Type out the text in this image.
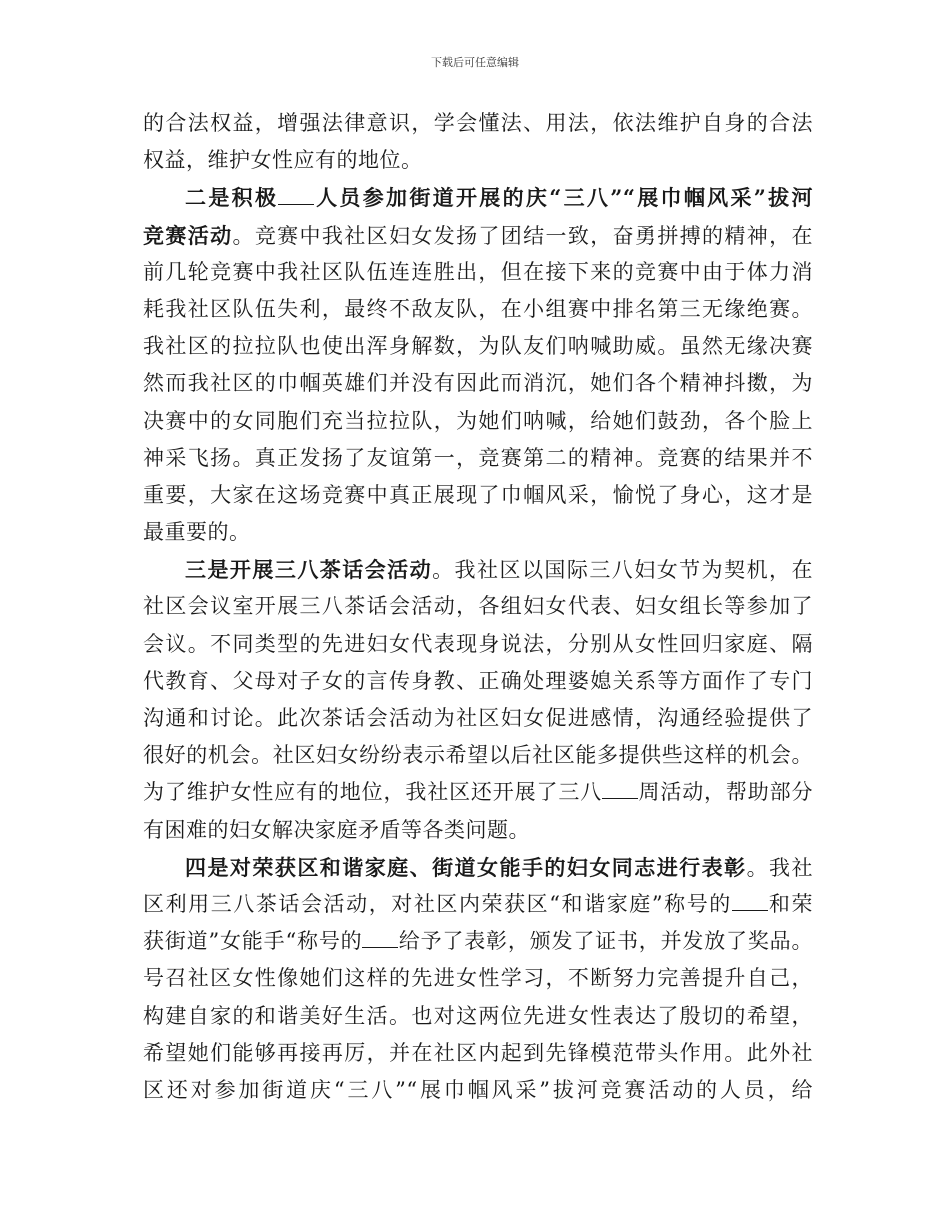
下载后可任意编辑
的合法权益，增强法律意识，学会懂法、用法，依法维护自身的合法
权益，维护女性应有的地位。
二是积极 人员参加街道开展的庆“三八”“展巾帼风采”拔河
竞赛活动。竞赛中我社区妇女发扬了团结一致，奋勇拼搏的精神，在
前几轮竞赛中我社区队伍连连胜出，但在接下来的竞赛中由于体力消
耗我社区队伍失利，最终不敌友队，在小组赛中排名第三无缘绝赛。
我社区的拉拉队也使出浑身解数，为队友们呐喊助威。虽然无缘决赛
然而我社区的巾帼英雄们并没有因此而消沉，她们各个精神抖擞，为
决赛中的女同胞们充当拉拉队，为她们呐喊，给她们鼓劲，各个脸上
神采飞扬。真正发扬了友谊第一，竞赛第二的精神。竞赛的结果并不
重要，大家在这场竞赛中真正展现了巾帼风采，愉悦了身心，这才是
最重要的。
三是开展三八茶话会活动。我社区以国际三八妇女节为契机，在
社区会议室开展三八茶话会活动，各组妇女代表、妇女组长等参加了
会议。不同类型的先进妇女代表现身说法，分别从女性回归家庭、隔
代教育、父母对子女的言传身教、正确处理婆媳关系等方面作了专门
沟通和讨论。此次茶话会活动为社区妇女促进感情，沟通经验提供了
很好的机会。社区妇女纷纷表示希望以后社区能多提供些这样的机会。
为了维护女性应有的地位，我社区还开展了三八 周活动，帮助部分
有困难的妇女解决家庭矛盾等各类问题。
四是对荣获区和谐家庭、街道女能手的妇女同志进行表彰。我社
区利用三八茶话会活动，对社区内荣获区“和谐家庭”称号的 和荣
获街道”女能手“称号的 给予了表彰，颁发了证书，并发放了奖品。
号召社区女性像她们这样的先进女性学习，不断努力完善提升自己，
构建自家的和谐美好生活。也对这两位先进女性表达了殷切的希望，
希望她们能够再接再厉，并在社区内起到先锋模范带头作用。此外社
区还对参加街道庆“三八”“展巾帼风采”拔河竞赛活动的人员，给
